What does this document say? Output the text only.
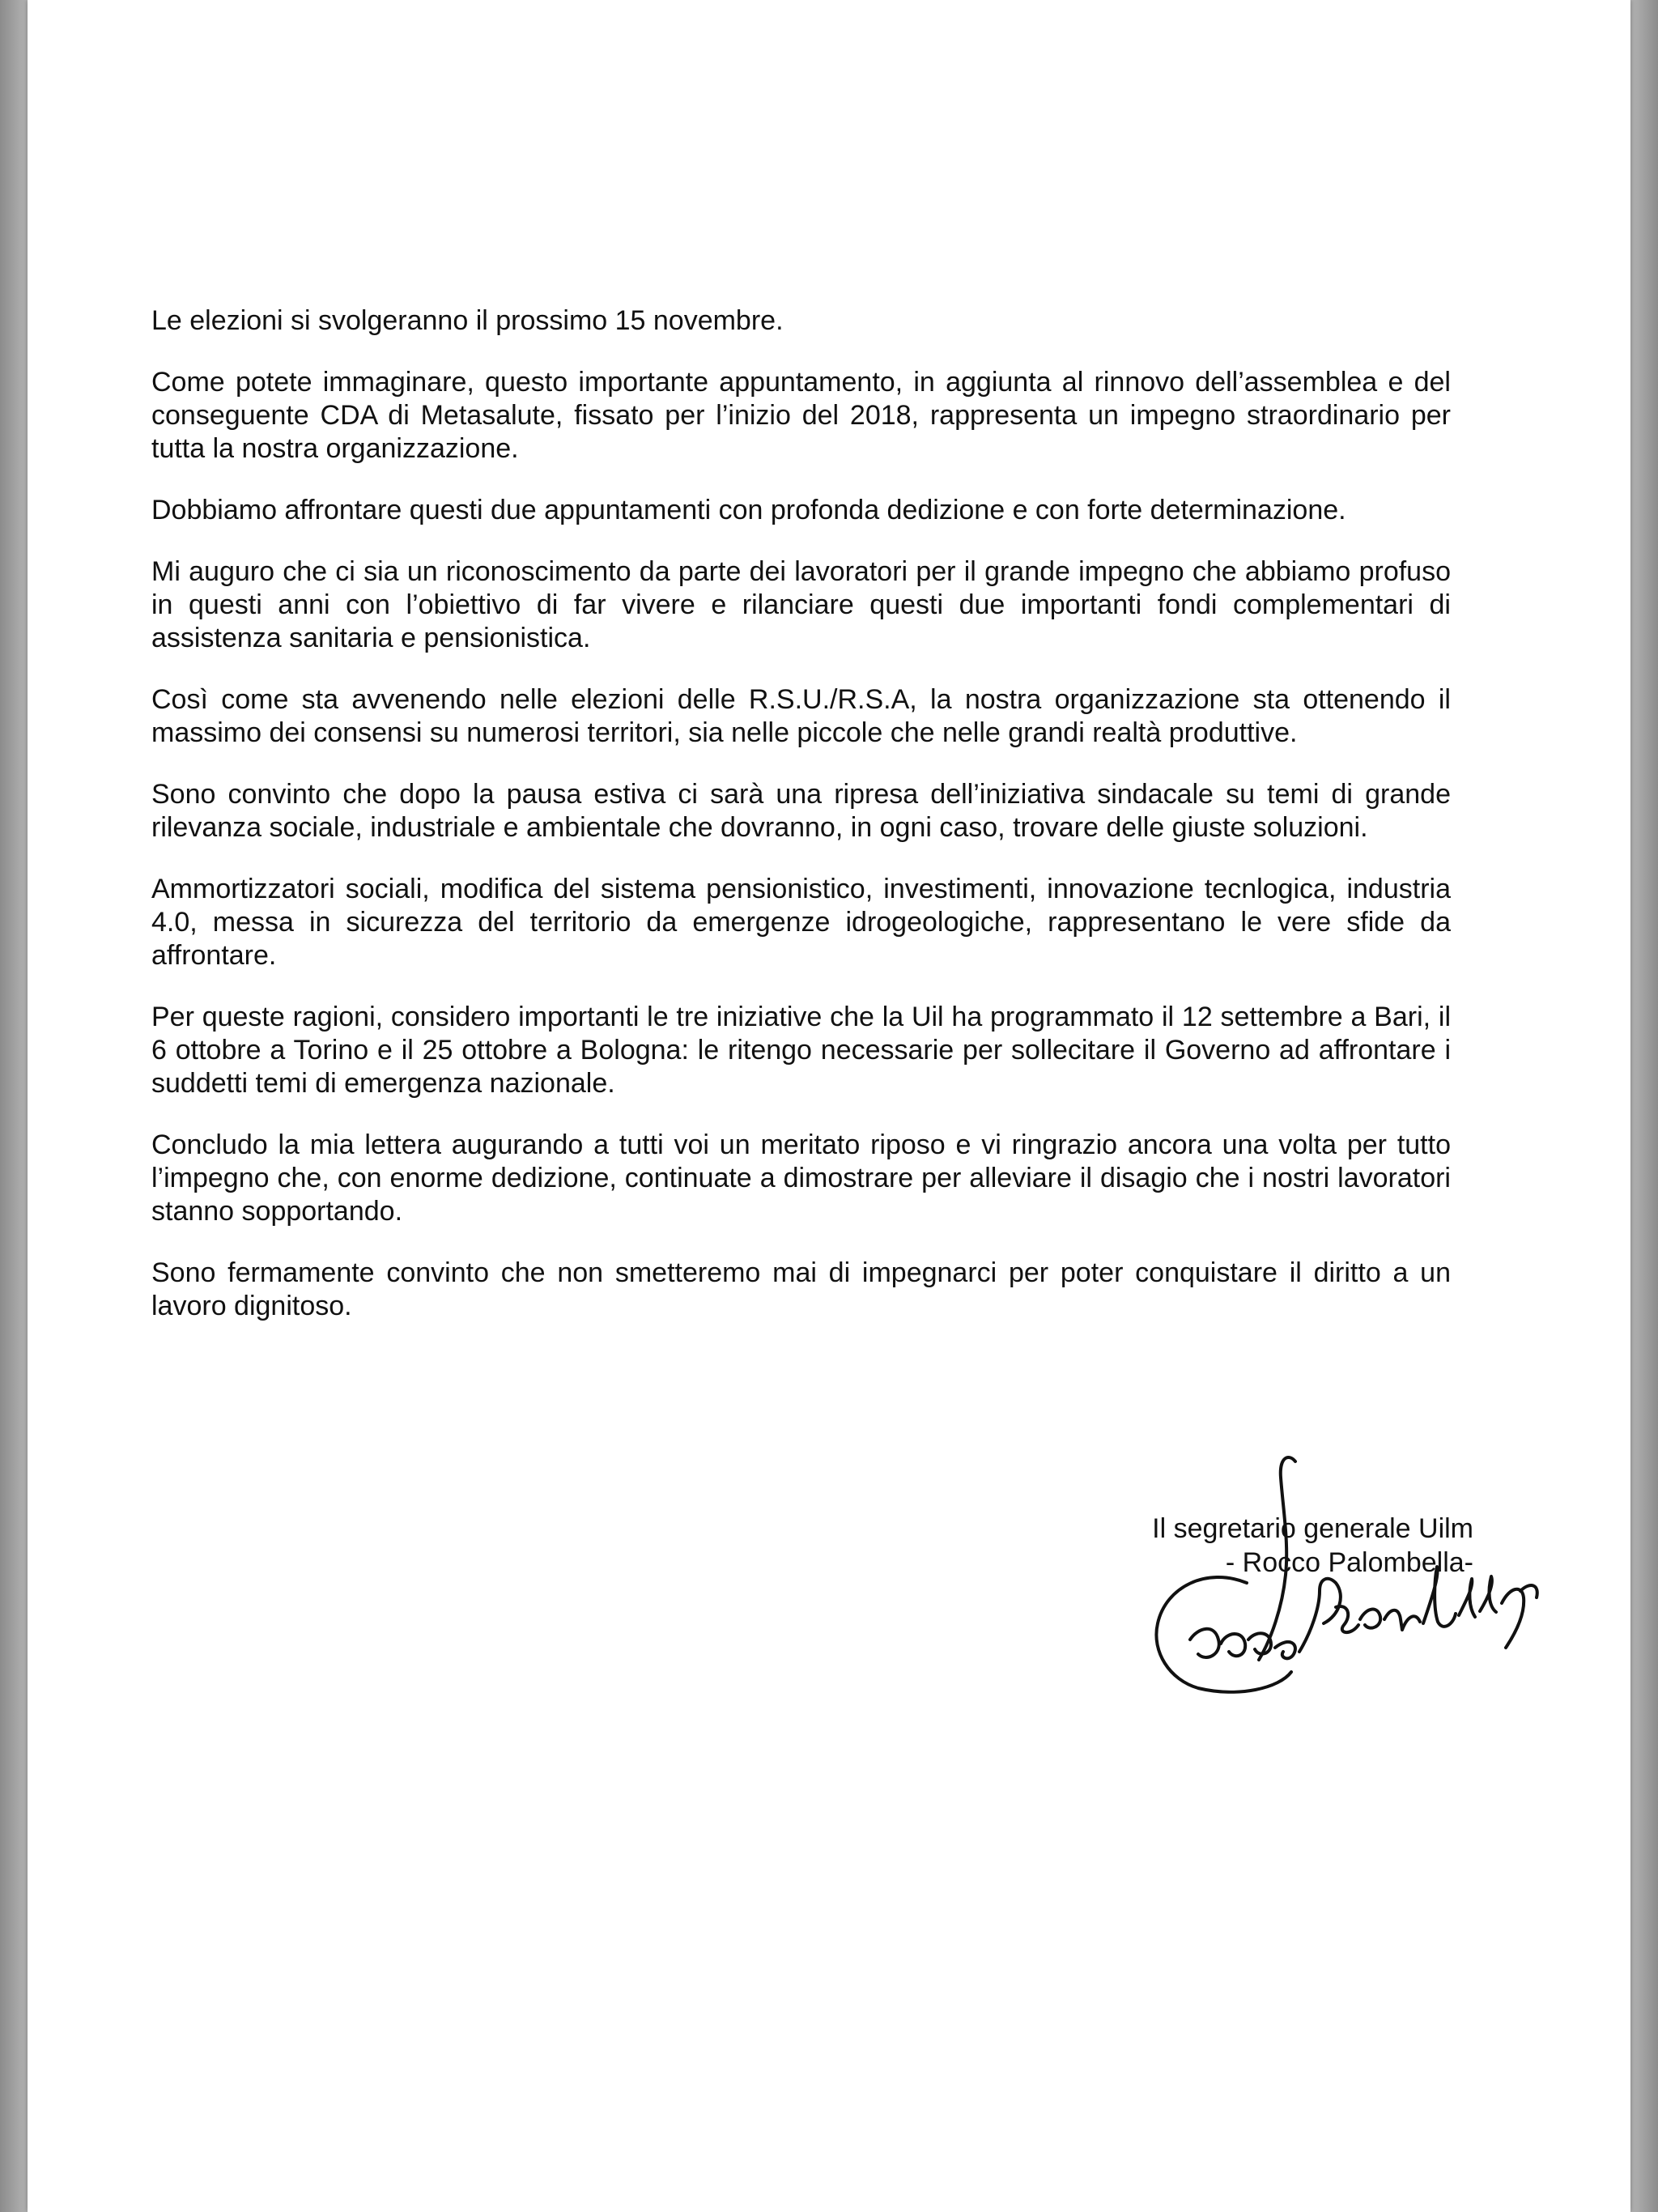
Le elezioni si svolgeranno il prossimo 15 novembre.

Come potete immaginare, questo importante appuntamento, in aggiunta al rinnovo dell’assemblea e del conseguente CDA di Metasalute, fissato per l’inizio del 2018, rappresenta un impegno straordinario per tutta la nostra organizzazione.

Dobbiamo affrontare questi due appuntamenti con profonda dedizione e con forte determinazione.

Mi auguro che ci sia un riconoscimento da parte dei lavoratori per il grande impegno che abbiamo profuso in questi anni con l’obiettivo di far vivere e rilanciare questi due importanti fondi complementari di assistenza sanitaria e pensionistica.

Così come sta avvenendo nelle elezioni delle R.S.U./R.S.A, la nostra organizzazione sta ottenendo il massimo dei consensi su numerosi territori, sia nelle piccole che nelle grandi realtà produttive.

Sono convinto che dopo la pausa estiva ci sarà una ripresa dell’iniziativa sindacale su temi di grande rilevanza sociale, industriale e ambientale che dovranno, in ogni caso, trovare delle giuste soluzioni.

Ammortizzatori sociali, modifica del sistema pensionistico, investimenti, innovazione tecnlogica, industria 4.0, messa in sicurezza del territorio da emergenze idrogeologiche, rappresentano le vere sfide da affrontare.

Per queste ragioni, considero importanti le tre iniziative che la Uil ha programmato il 12 settembre a Bari, il 6 ottobre a Torino e il 25 ottobre a Bologna: le ritengo necessarie per sollecitare il Governo ad affrontare i suddetti temi di emergenza nazionale.

Concludo la mia lettera augurando a tutti voi un meritato riposo e vi ringrazio ancora una volta per tutto l’impegno che, con enorme dedizione, continuate a dimostrare per alleviare il disagio che i nostri lavoratori stanno sopportando.

Sono fermamente convinto che non smetteremo mai di impegnarci per poter conquistare il diritto a un lavoro dignitoso.

Il segretario generale Uilm
- Rocco Palombella-
